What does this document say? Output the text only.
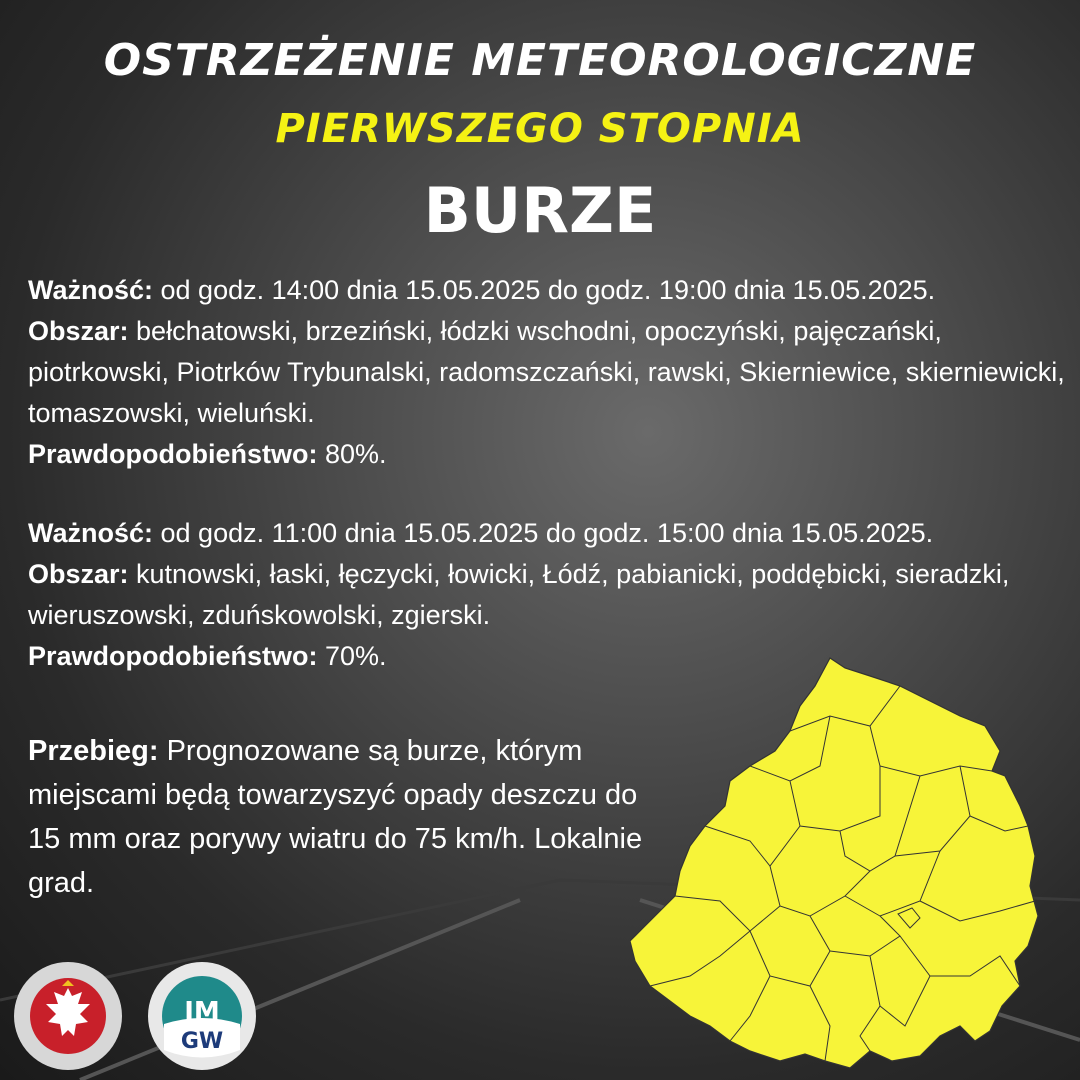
OSTRZEŻENIE METEOROLOGICZNE
PIERWSZEGO STOPNIA
BURZE
Ważność: od godz. 14:00 dnia 15.05.2025 do godz. 19:00 dnia 15.05.2025.
Obszar: bełchatowski, brzeziński, łódzki wschodni, opoczyński, pajęczański, piotrkowski, Piotrków Trybunalski, radomszczański, rawski, Skierniewice, skierniewicki, tomaszowski, wieluński.
Prawdopodobieństwo: 80%.
Ważność: od godz. 11:00 dnia 15.05.2025 do godz. 15:00 dnia 15.05.2025.
Obszar: kutnowski, łaski, łęczycki, łowicki, Łódź, pabianicki, poddębicki, sieradzki, wieruszowski, zduńskowolski, zgierski.
Prawdopodobieństwo: 70%.
Przebieg: Prognozowane są burze, którym miejscami będą towarzyszyć opady deszczu do 15 mm oraz porywy wiatru do 75 km/h. Lokalnie grad.
IM
GW
